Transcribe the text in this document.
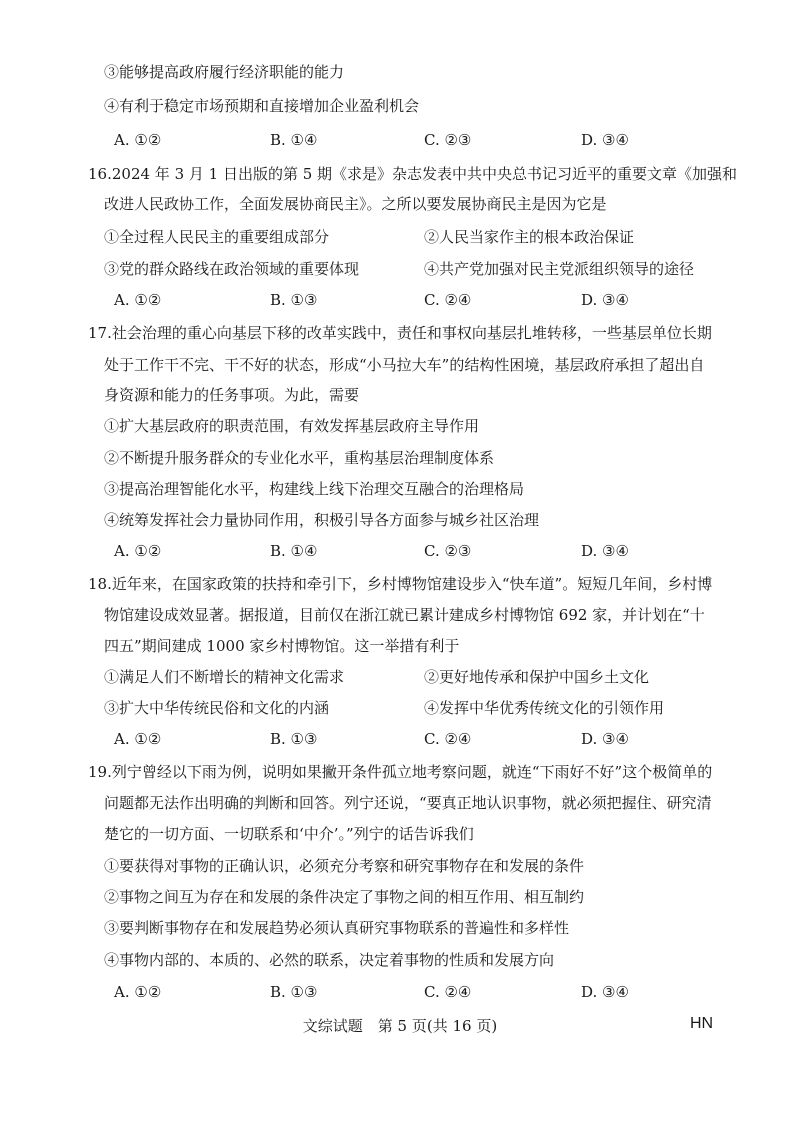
③能够提高政府履行经济职能的能力
④有利于稳定市场预期和直接增加企业盈利机会
A. ①②	B. ①④	C. ②③	D. ③④
16.2024 年 3 月 1 日出版的第 5 期《求是》杂志发表中共中央总书记习近平的重要文章《加强和
改进人民政协工作，全面发展协商民主》。之所以要发展协商民主是因为它是
①全过程人民民主的重要组成部分	②人民当家作主的根本政治保证
③党的群众路线在政治领域的重要体现	④共产党加强对民主党派组织领导的途径
A. ①②	B. ①③	C. ②④	D. ③④
17.社会治理的重心向基层下移的改革实践中，责任和事权向基层扎堆转移，一些基层单位长期
处于工作干不完、干不好的状态，形成“小马拉大车”的结构性困境，基层政府承担了超出自
身资源和能力的任务事项。为此，需要
①扩大基层政府的职责范围，有效发挥基层政府主导作用
②不断提升服务群众的专业化水平，重构基层治理制度体系
③提高治理智能化水平，构建线上线下治理交互融合的治理格局
④统筹发挥社会力量协同作用，积极引导各方面参与城乡社区治理
A. ①②	B. ①④	C. ②③	D. ③④
18.近年来，在国家政策的扶持和牵引下，乡村博物馆建设步入“快车道”。短短几年间，乡村博
物馆建设成效显著。据报道，目前仅在浙江就已累计建成乡村博物馆 692 家，并计划在“十
四五”期间建成 1000 家乡村博物馆。这一举措有利于
①满足人们不断增长的精神文化需求	②更好地传承和保护中国乡土文化
③扩大中华传统民俗和文化的内涵	④发挥中华优秀传统文化的引领作用
A. ①②	B. ①③	C. ②④	D. ③④
19.列宁曾经以下雨为例，说明如果撇开条件孤立地考察问题，就连“下雨好不好”这个极简单的
问题都无法作出明确的判断和回答。列宁还说，“要真正地认识事物，就必须把握住、研究清
楚它的一切方面、一切联系和‘中介’。”列宁的话告诉我们
①要获得对事物的正确认识，必须充分考察和研究事物存在和发展的条件
②事物之间互为存在和发展的条件决定了事物之间的相互作用、相互制约
③要判断事物存在和发展趋势必须认真研究事物联系的普遍性和多样性
④事物内部的、本质的、必然的联系，决定着事物的性质和发展方向
A. ①②	B. ①③	C. ②④	D. ③④
文综试题　第 5 页(共 16 页)	HN
